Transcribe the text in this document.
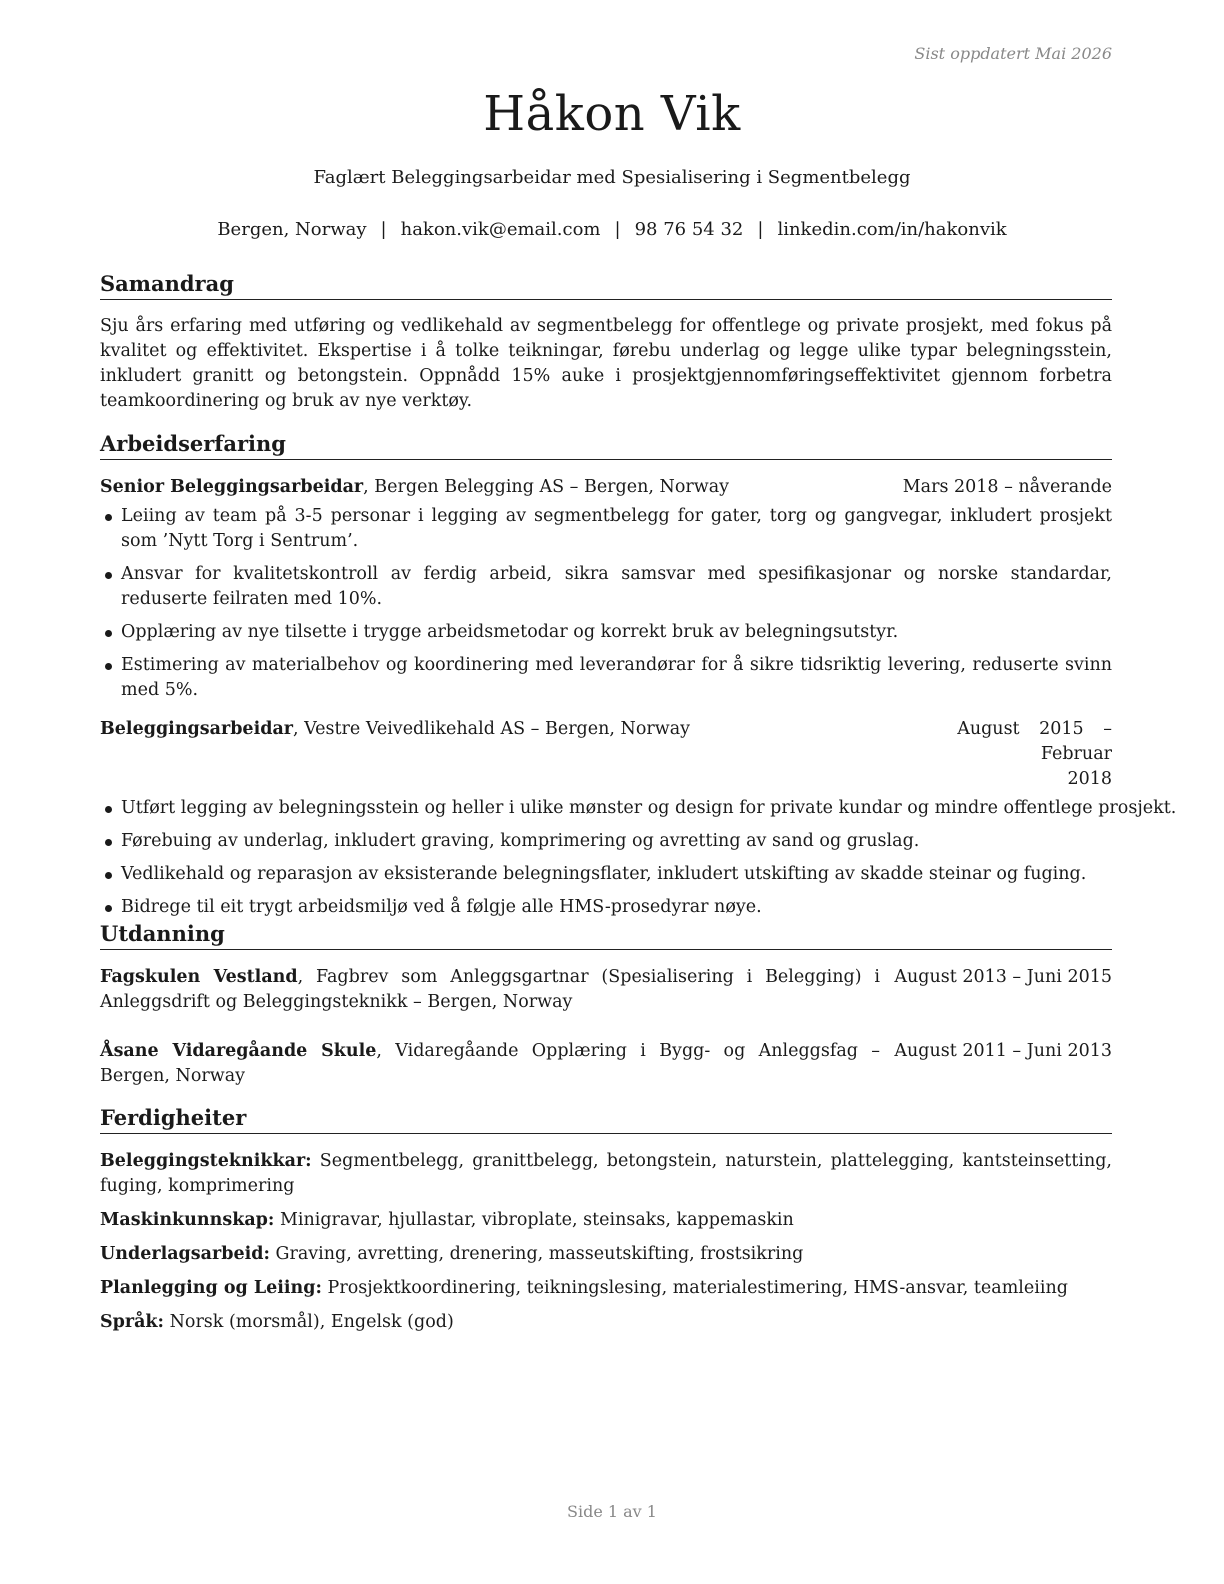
Sist oppdatert Mai 2026
Håkon Vik
Faglært Beleggingsarbeidar med Spesialisering i Segmentbelegg
Bergen, Norway | hakon.vik@email.com | 98 76 54 32 | linkedin.com/in/hakonvik
Samandrag
Sju års erfaring med utføring og vedlikehald av segmentbelegg for offentlege og private prosjekt, med fokus på kvalitet og effektivitet. Ekspertise i å tolke teikningar, førebu underlag og legge ulike typar belegningsstein, inkludert granitt og betongstein. Oppnådd 15% auke i prosjektgjennomføringseffektivitet gjennom forbetra teamkoordinering og bruk av nye verktøy.
Arbeidserfaring
Senior Beleggingsarbeidar, Bergen Belegging AS – Bergen, Norway	Mars 2018 – nåverande
Leiing av team på 3-5 personar i legging av segmentbelegg for gater, torg og gangvegar, inkludert prosjekt som ’Nytt Torg i Sentrum’.
Ansvar for kvalitetskontroll av ferdig arbeid, sikra samsvar med spesifikasjonar og norske standardar, reduserte feilraten med 10%.
Opplæring av nye tilsette i trygge arbeidsmetodar og korrekt bruk av belegningsutstyr.
Estimering av materialbehov og koordinering med leverandørar for å sikre tidsriktig levering, reduserte svinn med 5%.
Beleggingsarbeidar, Vestre Veivedlikehald AS – Bergen, Norway	August 2015 – Februar
2018
Utført legging av belegningsstein og heller i ulike mønster og design for private kundar og mindre offentlege prosjekt.
Førebuing av underlag, inkludert graving, komprimering og avretting av sand og gruslag.
Vedlikehald og reparasjon av eksisterande belegningsflater, inkludert utskifting av skadde steinar og fuging.
Bidrege til eit trygt arbeidsmiljø ved å følgje alle HMS-prosedyrar nøye.
Utdanning
Fagskulen Vestland, Fagbrev som Anleggsgartnar (Spesialisering i Belegging) i Anleggsdrift og Beleggingsteknikk – Bergen, Norway
August 2013 – Juni 2015
Åsane Vidaregåande Skule, Vidaregåande Opplæring i Bygg- og Anleggsfag – Bergen, Norway
August 2011 – Juni 2013
Ferdigheiter
Beleggingsteknikkar: Segmentbelegg, granittbelegg, betongstein, naturstein, plattelegging, kantsteinsetting, fuging, komprimering
Maskinkunnskap: Minigravar, hjullastar, vibroplate, steinsaks, kappemaskin
Underlagsarbeid: Graving, avretting, drenering, masseutskifting, frostsikring
Planlegging og Leiing: Prosjektkoordinering, teikningslesing, materialestimering, HMS-ansvar, teamleiing
Språk: Norsk (morsmål), Engelsk (god)
Side 1 av 1
